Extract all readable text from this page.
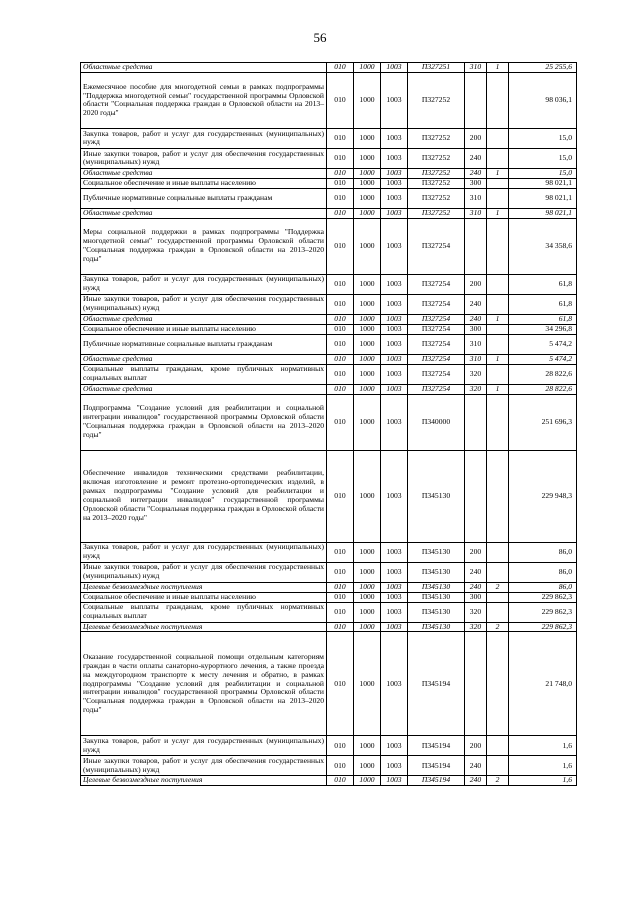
56
Областные средства	010	1000	1003	П327251	310	1	25 255,6
Ежемесячное пособие для многодетной семьи в рамках подпрограммы "Поддержка многодетной семьи" государственной программы Орловской области "Социальная поддержка граждан в Орловской области на 2013–2020 годы"	010	1000	1003	П327252			98 036,1
Закупка товаров, работ и услуг для государственных (муниципальных) нужд	010	1000	1003	П327252	200		15,0
Иные закупки товаров, работ и услуг для обеспечения государственных (муниципальных) нужд	010	1000	1003	П327252	240		15,0
Областные средства	010	1000	1003	П327252	240	1	15,0
Социальное обеспечение и иные выплаты населению	010	1000	1003	П327252	300		98 021,1
Публичные нормативные социальные выплаты гражданам	010	1000	1003	П327252	310		98 021,1
Областные средства	010	1000	1003	П327252	310	1	98 021,1
Меры социальной поддержки в рамках подпрограммы "Поддержка многодетной семьи" государственной программы Орловской области "Социальная поддержка граждан в Орловской области на 2013–2020 годы"	010	1000	1003	П327254			34 358,6
Закупка товаров, работ и услуг для государственных (муниципальных) нужд	010	1000	1003	П327254	200		61,8
Иные закупки товаров, работ и услуг для обеспечения государственных (муниципальных) нужд	010	1000	1003	П327254	240		61,8
Областные средства	010	1000	1003	П327254	240	1	61,8
Социальное обеспечение и иные выплаты населению	010	1000	1003	П327254	300		34 296,8
Публичные нормативные социальные выплаты гражданам	010	1000	1003	П327254	310		5 474,2
Областные средства	010	1000	1003	П327254	310	1	5 474,2
Социальные выплаты гражданам, кроме публичных нормативных социальных выплат	010	1000	1003	П327254	320		28 822,6
Областные средства	010	1000	1003	П327254	320	1	28 822,6
Подпрограмма "Создание условий для реабилитации и социальной интеграции инвалидов" государственной программы Орловской области "Социальная поддержка граждан в Орловской области на 2013–2020 годы"	010	1000	1003	П340000			251 696,3
Обеспечение инвалидов техническими средствами реабилитации, включая изготовление и ремонт протезно-ортопедических изделий, в рамках подпрограммы "Создание условий для реабилитации и социальной интеграции инвалидов" государственной программы Орловской области "Социальная поддержка граждан в Орловской области на 2013–2020 годы"	010	1000	1003	П345130			229 948,3
Закупка товаров, работ и услуг для государственных (муниципальных) нужд	010	1000	1003	П345130	200		86,0
Иные закупки товаров, работ и услуг для обеспечения государственных (муниципальных) нужд	010	1000	1003	П345130	240		86,0
Целевые безвозмездные поступления	010	1000	1003	П345130	240	2	86,0
Социальное обеспечение и иные выплаты населению	010	1000	1003	П345130	300		229 862,3
Социальные выплаты гражданам, кроме публичных нормативных социальных выплат	010	1000	1003	П345130	320		229 862,3
Целевые безвозмездные поступления	010	1000	1003	П345130	320	2	229 862,3
Оказание государственной социальной помощи отдельным категориям граждан в части оплаты санаторно-курортного лечения, а также проезда на междугородном транспорте к месту лечения и обратно, в рамках подпрограммы "Создание условий для реабилитации и социальной интеграции инвалидов" государственной программы Орловской области "Социальная поддержка граждан в Орловской области на 2013–2020 годы"	010	1000	1003	П345194			21 748,0
Закупка товаров, работ и услуг для государственных (муниципальных) нужд	010	1000	1003	П345194	200		1,6
Иные закупки товаров, работ и услуг для обеспечения государственных (муниципальных) нужд	010	1000	1003	П345194	240		1,6
Целевые безвозмездные поступления	010	1000	1003	П345194	240	2	1,6
